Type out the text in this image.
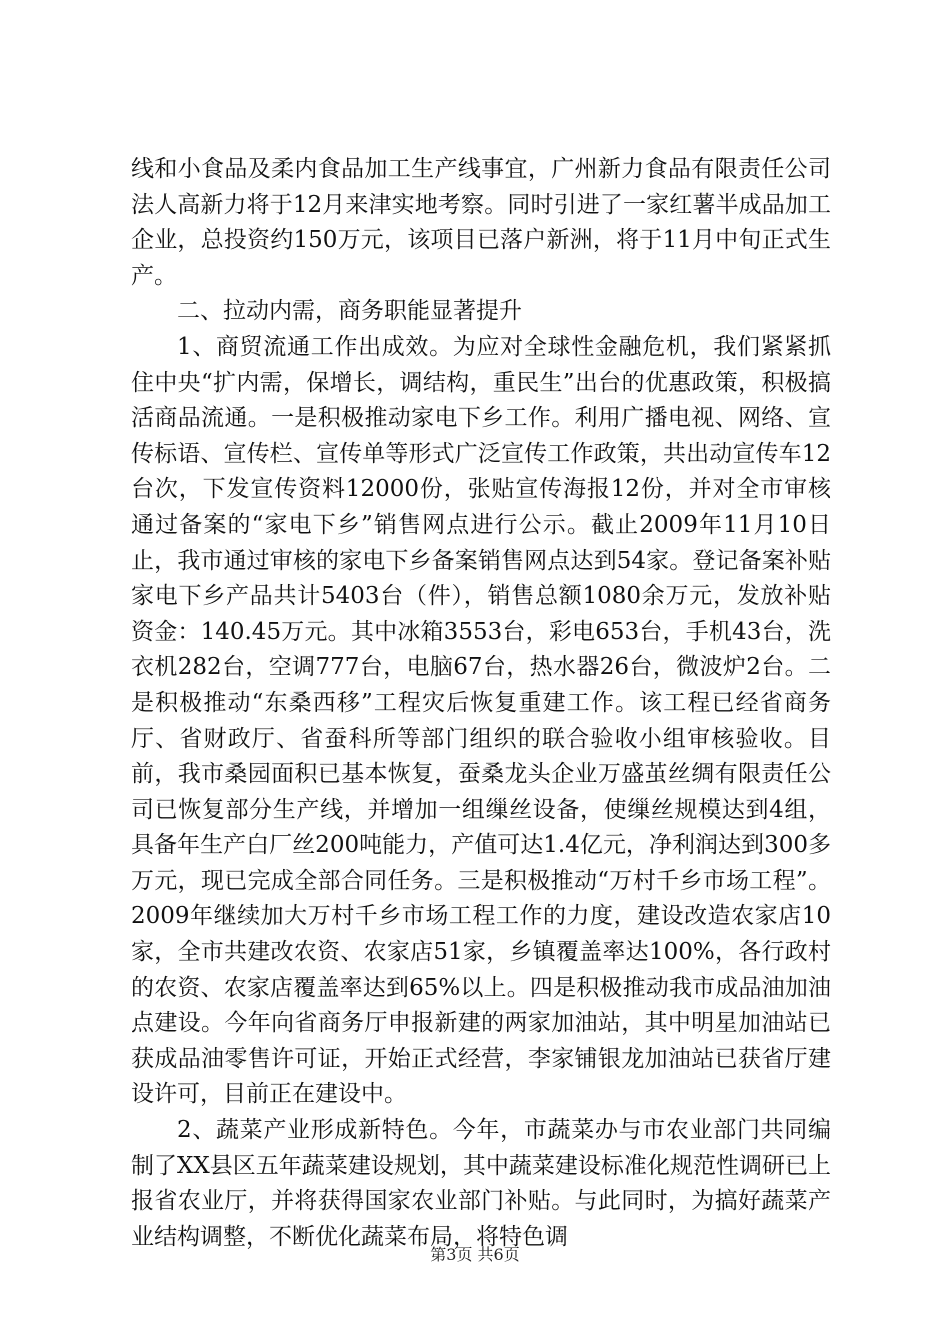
线和小食品及柔内食品加工生产线事宜，广州新力食品有限责任公司法人高新力将于12月来津实地考察。同时引进了一家红薯半成品加工企业，总投资约150万元，该项目已落户新洲，将于11月中旬正式生产。

二、拉动内需，商务职能显著提升

1、商贸流通工作出成效。为应对全球性金融危机，我们紧紧抓住中央“扩内需，保增长，调结构，重民生”出台的优惠政策，积极搞活商品流通。一是积极推动家电下乡工作。利用广播电视、网络、宣传标语、宣传栏、宣传单等形式广泛宣传工作政策，共出动宣传车12台次，下发宣传资料12000份，张贴宣传海报12份，并对全市审核通过备案的“家电下乡”销售网点进行公示。截止2009年11月10日止，我市通过审核的家电下乡备案销售网点达到54家。登记备案补贴家电下乡产品共计5403台（件），销售总额1080余万元，发放补贴资金：140.45万元。其中冰箱3553台，彩电653台，手机43台，洗衣机282台，空调777台，电脑67台，热水器26台，微波炉2台。二是积极推动“东桑西移”工程灾后恢复重建工作。该工程已经省商务厅、省财政厅、省蚕科所等部门组织的联合验收小组审核验收。目前，我市桑园面积已基本恢复，蚕桑龙头企业万盛茧丝绸有限责任公司已恢复部分生产线，并增加一组缫丝设备，使缫丝规模达到4组，具备年生产白厂丝200吨能力，产值可达1.4亿元，净利润达到300多万元，现已完成全部合同任务。三是积极推动“万村千乡市场工程”。2009年继续加大万村千乡市场工程工作的力度，建设改造农家店10家，全市共建改农资、农家店51家，乡镇覆盖率达100%，各行政村的农资、农家店覆盖率达到65%以上。四是积极推动我市成品油加油点建设。今年向省商务厅申报新建的两家加油站，其中明星加油站已获成品油零售许可证，开始正式经营，李家铺银龙加油站已获省厅建设许可，目前正在建设中。

2、蔬菜产业形成新特色。今年，市蔬菜办与市农业部门共同编制了XX县区五年蔬菜建设规划，其中蔬菜建设标准化规范性调研已上报省农业厅，并将获得国家农业部门补贴。与此同时，为搞好蔬菜产业结构调整，不断优化蔬菜布局，将特色调

第3页 共6页
